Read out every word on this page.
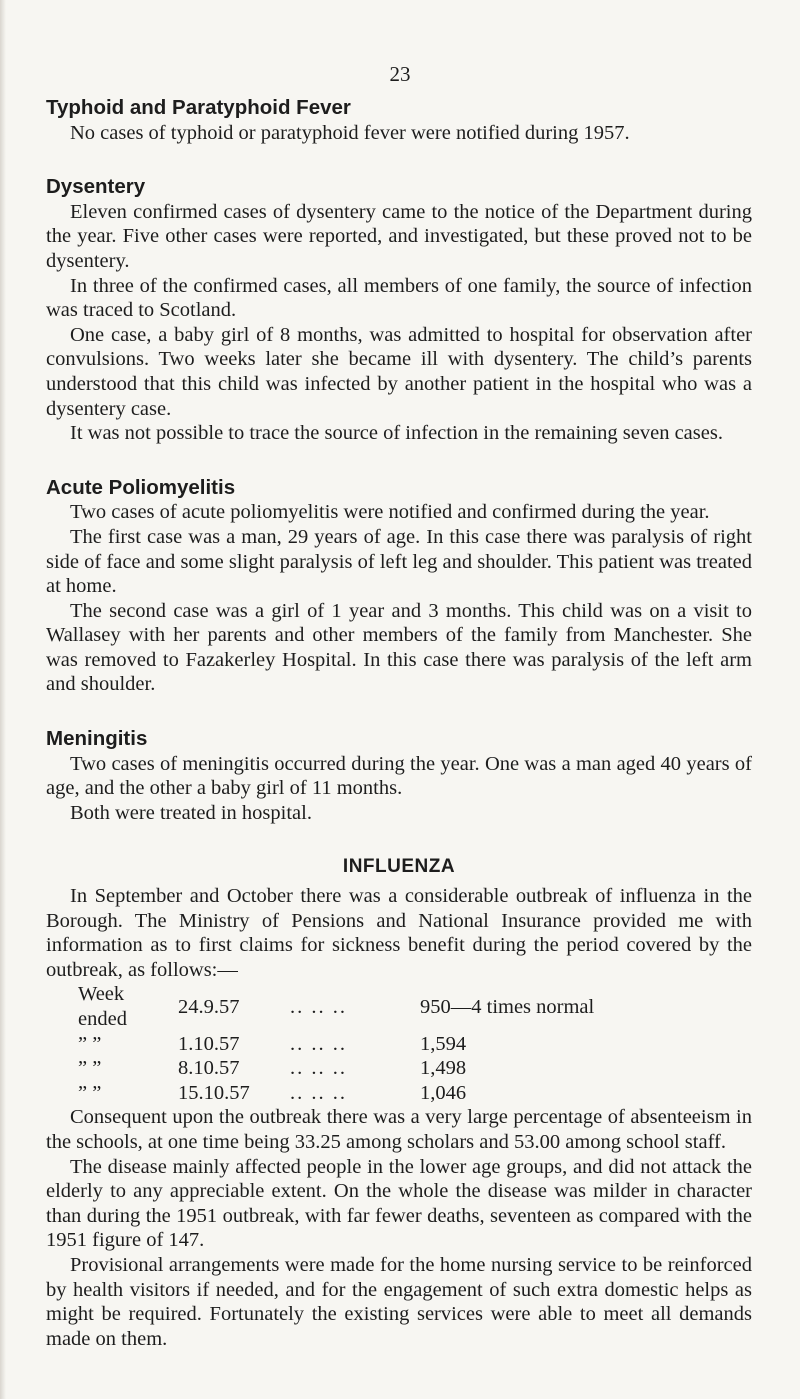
23
Typhoid and Paratyphoid Fever

No cases of typhoid or paratyphoid fever were notified during 1957.

Dysentery

Eleven confirmed cases of dysentery came to the notice of the Department during the year. Five other cases were reported, and investigated, but these proved not to be dysentery.

In three of the confirmed cases, all members of one family, the source of infection was traced to Scotland.

One case, a baby girl of 8 months, was admitted to hospital for observation after convulsions. Two weeks later she became ill with dysentery. The child’s parents understood that this child was infected by another patient in the hospital who was a dysentery case.

It was not possible to trace the source of infection in the remaining seven cases.

Acute Poliomyelitis

Two cases of acute poliomyelitis were notified and confirmed during the year.

The first case was a man, 29 years of age. In this case there was paralysis of right side of face and some slight paralysis of left leg and shoulder. This patient was treated at home.

The second case was a girl of 1 year and 3 months. This child was on a visit to Wallasey with her parents and other members of the family from Manchester. She was removed to Fazakerley Hospital. In this case there was paralysis of the left arm and shoulder.

Meningitis

Two cases of meningitis occurred during the year. One was a man aged 40 years of age, and the other a baby girl of 11 months.

Both were treated in hospital.

INFLUENZA

In September and October there was a considerable outbreak of influenza in the Borough. The Ministry of Pensions and National Insurance provided me with information as to first claims for sickness benefit during the period covered by the outbreak, as follows:—

Week ended	24.9.57	.. .. ..	950—4 times normal
” ”	1.10.57	.. .. ..	1,594
” ”	8.10.57	.. .. ..	1,498
” ”	15.10.57	.. .. ..	1,046

Consequent upon the outbreak there was a very large percentage of absenteeism in the schools, at one time being 33.25 among scholars and 53.00 among school staff.

The disease mainly affected people in the lower age groups, and did not attack the elderly to any appreciable extent. On the whole the disease was milder in character than during the 1951 outbreak, with far fewer deaths, seventeen as compared with the 1951 figure of 147.

Provisional arrangements were made for the home nursing service to be reinforced by health visitors if needed, and for the engagement of such extra domestic helps as might be required. Fortunately the existing services were able to meet all demands made on them.
